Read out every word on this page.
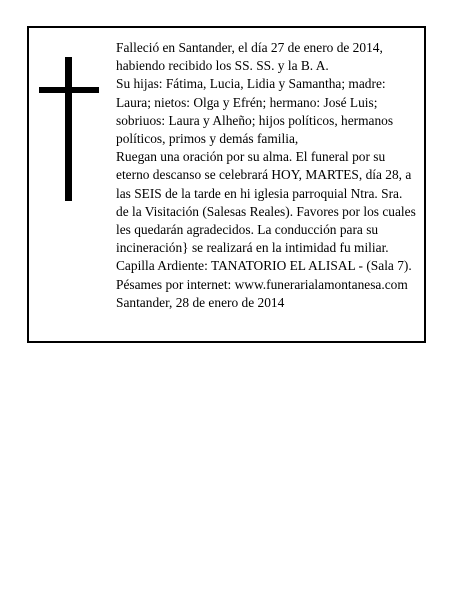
Falleció en Santander, el día 27 de enero de 2014,
habiendo recibido los SS. SS. y la B. A.
Su hijas: Fátima, Lucia, Lidia y Samantha; madre:
Laura; nietos: Olga y Efrén; hermano: José Luis;
sobriuos: Laura y Alheño; hijos políticos, hermanos
políticos, primos y demás familia,
Ruegan una oración por su alma. El funeral por su
eterno descanso se celebrará HOY, MARTES, día 28, a
las SEIS de la tarde en hi iglesia parroquial Ntra. Sra.
de la Visitación (Salesas Reales). Favores por los cuales
les quedarán agradecidos. La conducción para su
incineración} se realizará en la intimidad fu miliar.
Capilla Ardiente: TANATORIO EL ALISAL - (Sala 7).
Pésames por internet: www.funerarialamontanesa.com
Santander, 28 de enero de 2014
